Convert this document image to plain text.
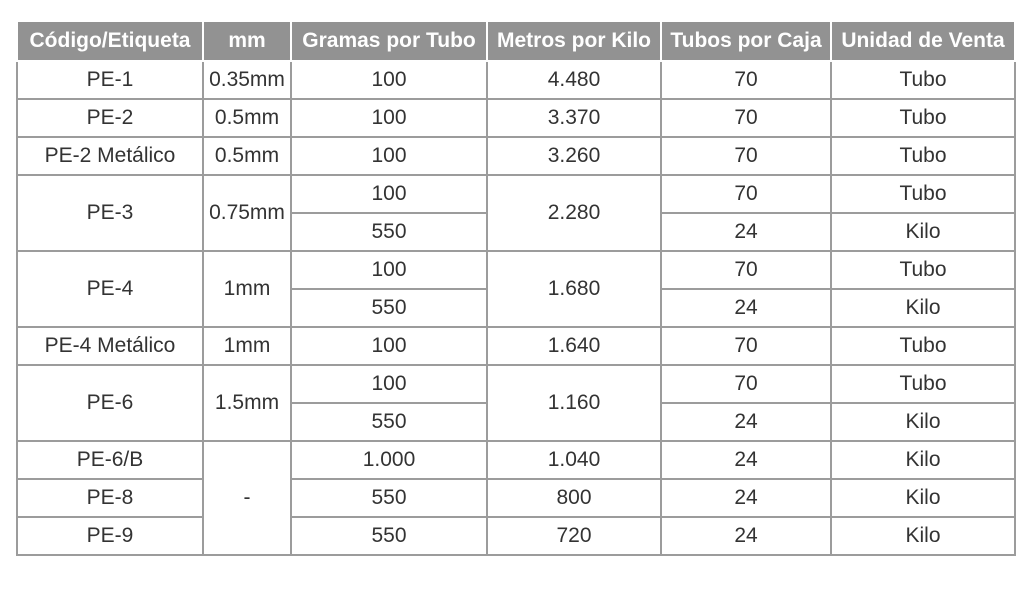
Código/Etiqueta	mm	Gramas por Tubo	Metros por Kilo	Tubos por Caja	Unidad de Venta
PE-1	0.35mm	100	4.480	70	Tubo
PE-2	0.5mm	100	3.370	70	Tubo
PE-2 Metálico	0.5mm	100	3.260	70	Tubo
PE-3	0.75mm	100	2.280	70	Tubo
		550		24	Kilo
PE-4	1mm	100	1.680	70	Tubo
		550		24	Kilo
PE-4 Metálico	1mm	100	1.640	70	Tubo
PE-6	1.5mm	100	1.160	70	Tubo
		550		24	Kilo
PE-6/B	-	1.000	1.040	24	Kilo
PE-8		550	800	24	Kilo
PE-9		550	720	24	Kilo
